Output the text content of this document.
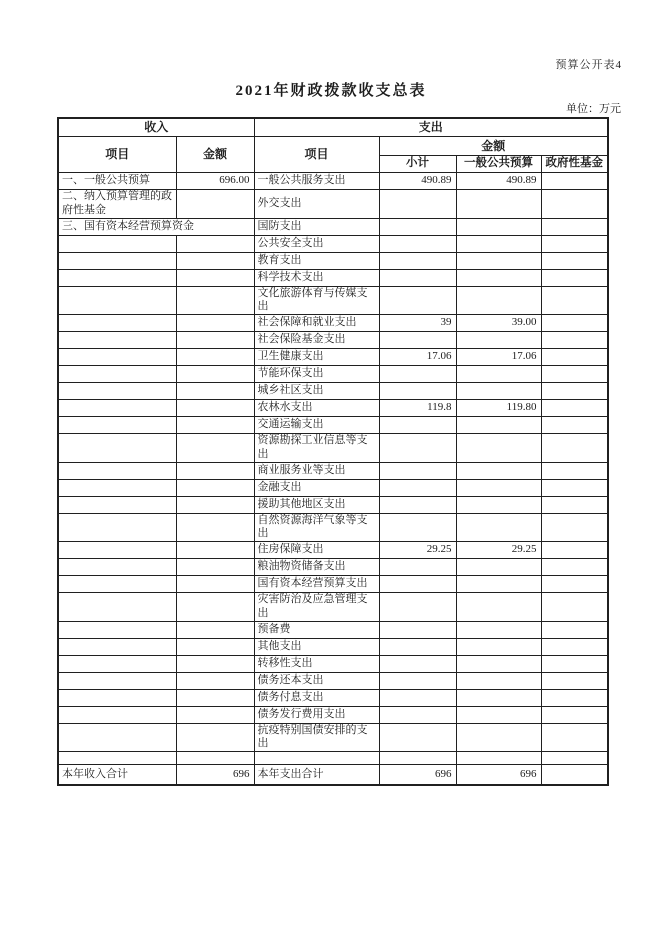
预算公开表4
2021年财政拨款收支总表
单位：万元
收入		支出			
项目	金额	项目	金额		
			小计	一般公共预算	政府性基金
一、一般公共预算	696.00	一般公共服务支出	490.89	490.89	
二、纳入预算管理的政府性基金		外交支出			
三、国有资本经营预算资金		国防支出			
		公共安全支出			
		教育支出			
		科学技术支出			
		文化旅游体育与传媒支出			
		社会保障和就业支出	39	39.00	
		社会保险基金支出			
		卫生健康支出	17.06	17.06	
		节能环保支出			
		城乡社区支出			
		农林水支出	119.8	119.80	
		交通运输支出			
		资源勘探工业信息等支出			
		商业服务业等支出			
		金融支出			
		援助其他地区支出			
		自然资源海洋气象等支出			
		住房保障支出	29.25	29.25	
		粮油物资储备支出			
		国有资本经营预算支出			
		灾害防治及应急管理支出			
		预备费			
		其他支出			
		转移性支出			
		债务还本支出			
		债务付息支出			
		债务发行费用支出			
		抗疫特别国债安排的支出			

本年收入合计	696	本年支出合计	696	696	
